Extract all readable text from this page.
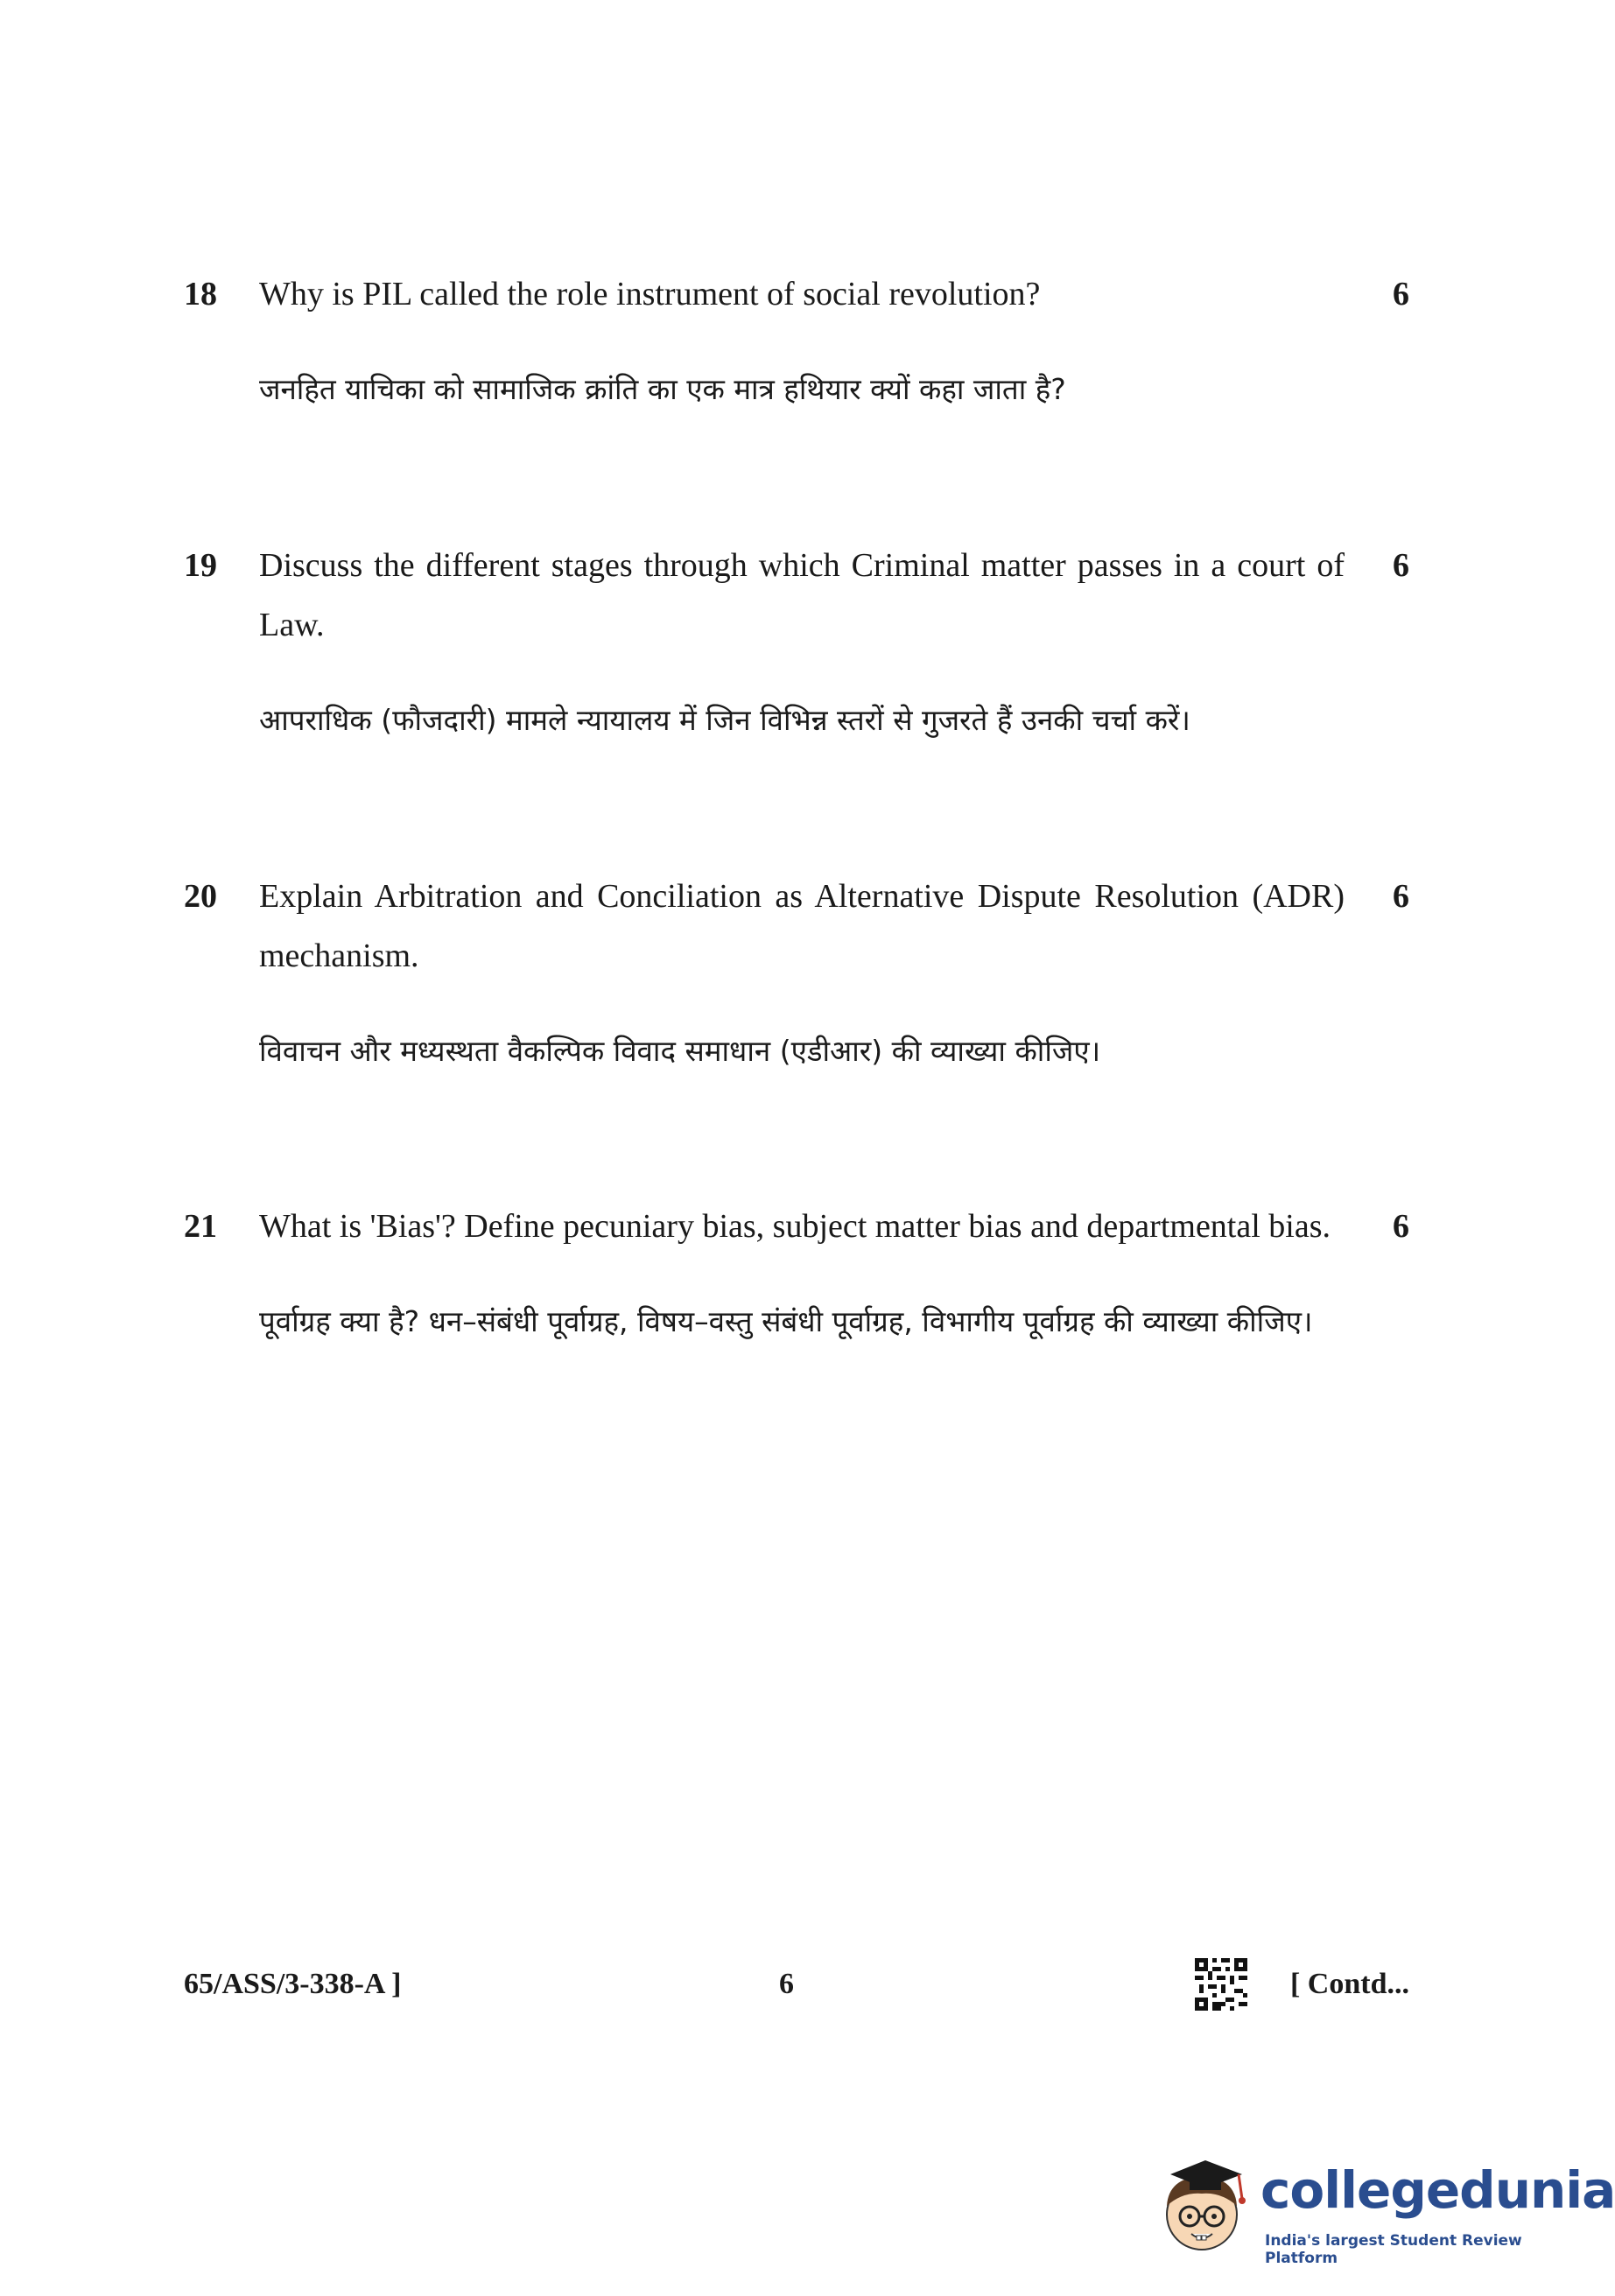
18 Why is PIL called the role instrument of social revolution?
जनहित याचिका को सामाजिक क्रांति का एक मात्र हथियार क्यों कहा जाता है?
6
19 Discuss the different stages through which Criminal matter passes in a court of Law.
आपराधिक (फौजदारी) मामले न्यायालय में जिन विभिन्न स्तरों से गुजरते हैं उनकी चर्चा करें।
6
20 Explain Arbitration and Conciliation as Alternative Dispute Resolution (ADR) mechanism.
विवाचन और मध्यस्थता वैकल्पिक विवाद समाधान (एडीआर) की व्याख्या कीजिए।
6
21 What is 'Bias'? Define pecuniary bias, subject matter bias and departmental bias.
पूर्वाग्रह क्या है? धन–संबंधी पूर्वाग्रह, विषय–वस्तु संबंधी पूर्वाग्रह, विभागीय पूर्वाग्रह की व्याख्या कीजिए।
6
65/ASS/3-338-A ]	6	[ Contd...
collegedunia
India's largest Student Review Platform
